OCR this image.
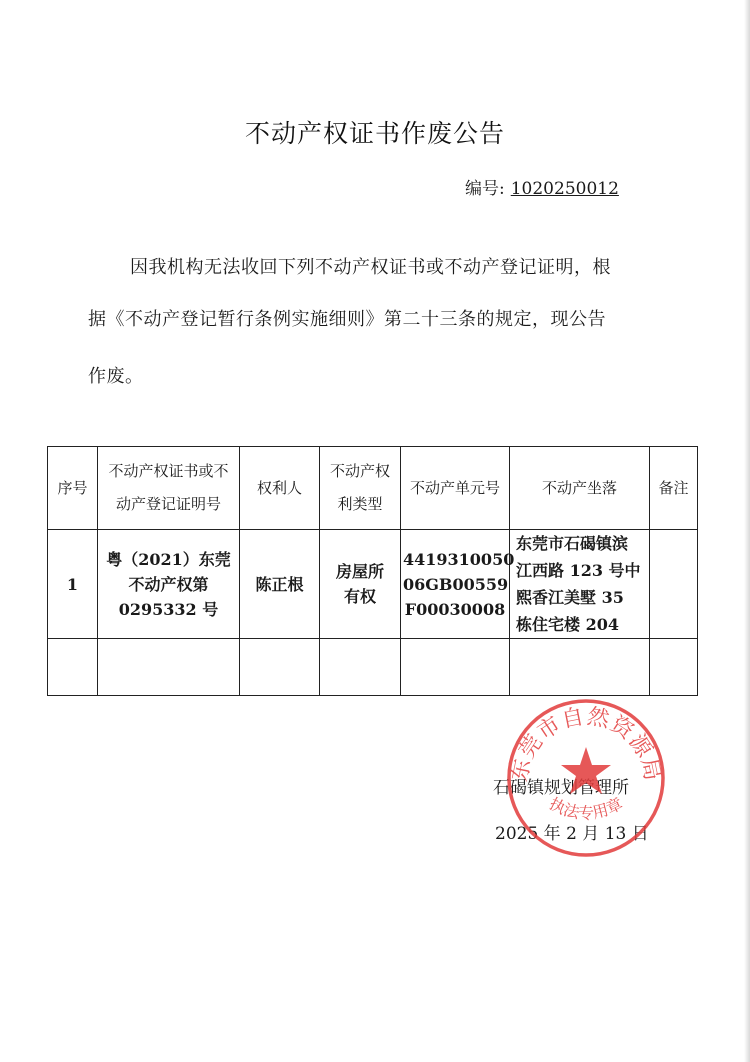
不动产权证书作废公告
编号: 1020250012
因我机构无法收回下列不动产权证书或不动产登记证明，根
据《不动产登记暂行条例实施细则》第二十三条的规定，现公告
作废。
序号	不动产权证书或不
动产登记证明号	权利人	不动产权
利类型	不动产单元号	不动产坐落	备注
1	粤（2021）东莞
不动产权第
0295332 号	陈正根	房屋所
有权	4419310050
06GB00559
F00030008	东莞市石碣镇滨
江西路 123 号中
熙香江美墅 35
栋住宅楼 204	

石碣镇规划管理所
2025 年 2 月 13 日
东莞市自然资源局
执法专用章
